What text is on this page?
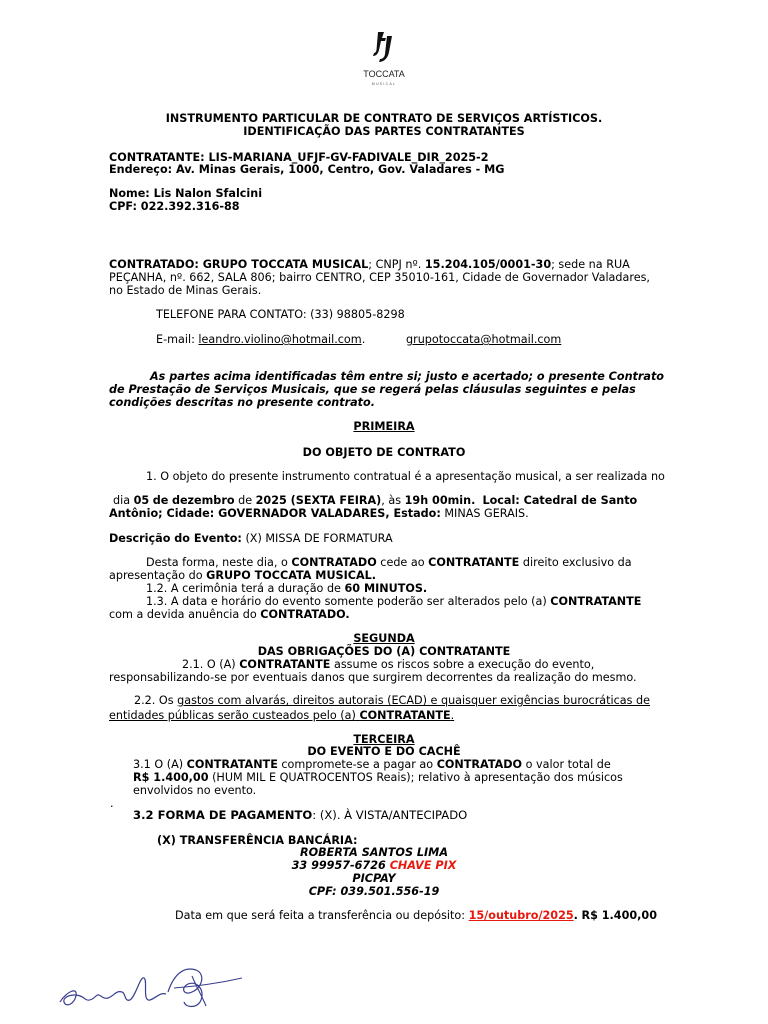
TOCCATA
MUSICAL
INSTRUMENTO PARTICULAR DE CONTRATO DE SERVIÇOS ARTÍSTICOS.
IDENTIFICAÇÃO DAS PARTES CONTRATANTES
CONTRATANTE: LIS-MARIANA_UFJF-GV-FADIVALE_DIR_2025-2
Endereço: Av. Minas Gerais, 1000, Centro, Gov. Valadares - MG
Nome: Lis Nalon Sfalcini
CPF: 022.392.316-88
CONTRATADO: GRUPO TOCCATA MUSICAL; CNPJ nº. 15.204.105/0001-30; sede na RUA
PEÇANHA, nº. 662, SALA 806; bairro CENTRO, CEP 35010-161, Cidade de Governador Valadares,
no Estado de Minas Gerais.
TELEFONE PARA CONTATO: (33) 98805-8298
E-mail: leandro.violino@hotmail.com.	grupotoccata@hotmail.com
As partes acima identificadas têm entre si; justo e acertado; o presente Contrato
de Prestação de Serviços Musicais, que se regerá pelas cláusulas seguintes e pelas
condições descritas no presente contrato.
PRIMEIRA
DO OBJETO DE CONTRATO
1. O objeto do presente instrumento contratual é a apresentação musical, a ser realizada no
dia 05 de dezembro de 2025 (SEXTA FEIRA), às 19h 00min. Local: Catedral de Santo
Antônio; Cidade: GOVERNADOR VALADARES, Estado: MINAS GERAIS.
Descrição do Evento: (X) MISSA DE FORMATURA
Desta forma, neste dia, o CONTRATADO cede ao CONTRATANTE direito exclusivo da
apresentação do GRUPO TOCCATA MUSICAL.
1.2. A cerimônia terá a duração de 60 MINUTOS.
1.3. A data e horário do evento somente poderão ser alterados pelo (a) CONTRATANTE
com a devida anuência do CONTRATADO.
SEGUNDA
DAS OBRIGAÇÕES DO (A) CONTRATANTE
2.1. O (A) CONTRATANTE assume os riscos sobre a execução do evento,
responsabilizando-se por eventuais danos que surgirem decorrentes da realização do mesmo.
2.2. Os gastos com alvarás, direitos autorais (ECAD) e quaisquer exigências burocráticas de
entidades públicas serão custeados pelo (a) CONTRATANTE.
TERCEIRA
DO EVENTO E DO CACHÊ
3.1 O (A) CONTRATANTE compromete-se a pagar ao CONTRATADO o valor total de
R$ 1.400,00 (HUM MIL E QUATROCENTOS Reais); relativo à apresentação dos músicos
envolvidos no evento.
.
3.2 FORMA DE PAGAMENTO: (X). À VISTA/ANTECIPADO
(X) TRANSFERÊNCIA BANCÁRIA:
ROBERTA SANTOS LIMA
33 99957-6726 CHAVE PIX
PICPAY
CPF: 039.501.556-19
Data em que será feita a transferência ou depósito: 15/outubro/2025. R$ 1.400,00
